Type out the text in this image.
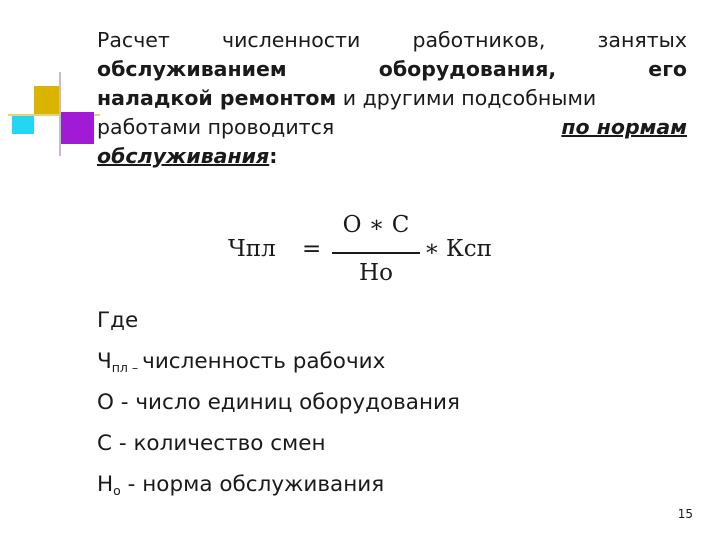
Расчет	численности	работников,	занятых
обслуживанием	оборудования,	его
наладкой ремонтом и другими подсобными
работами проводится	по нормам
обслуживания:
Чпл =
О ∗ С
Но
∗ Ксп
Где
$Ч_{пл}$ $_-$ численность рабочих
О - число единиц оборудования
С - количество смен
$Н_о$ - норма обслуживания
15
